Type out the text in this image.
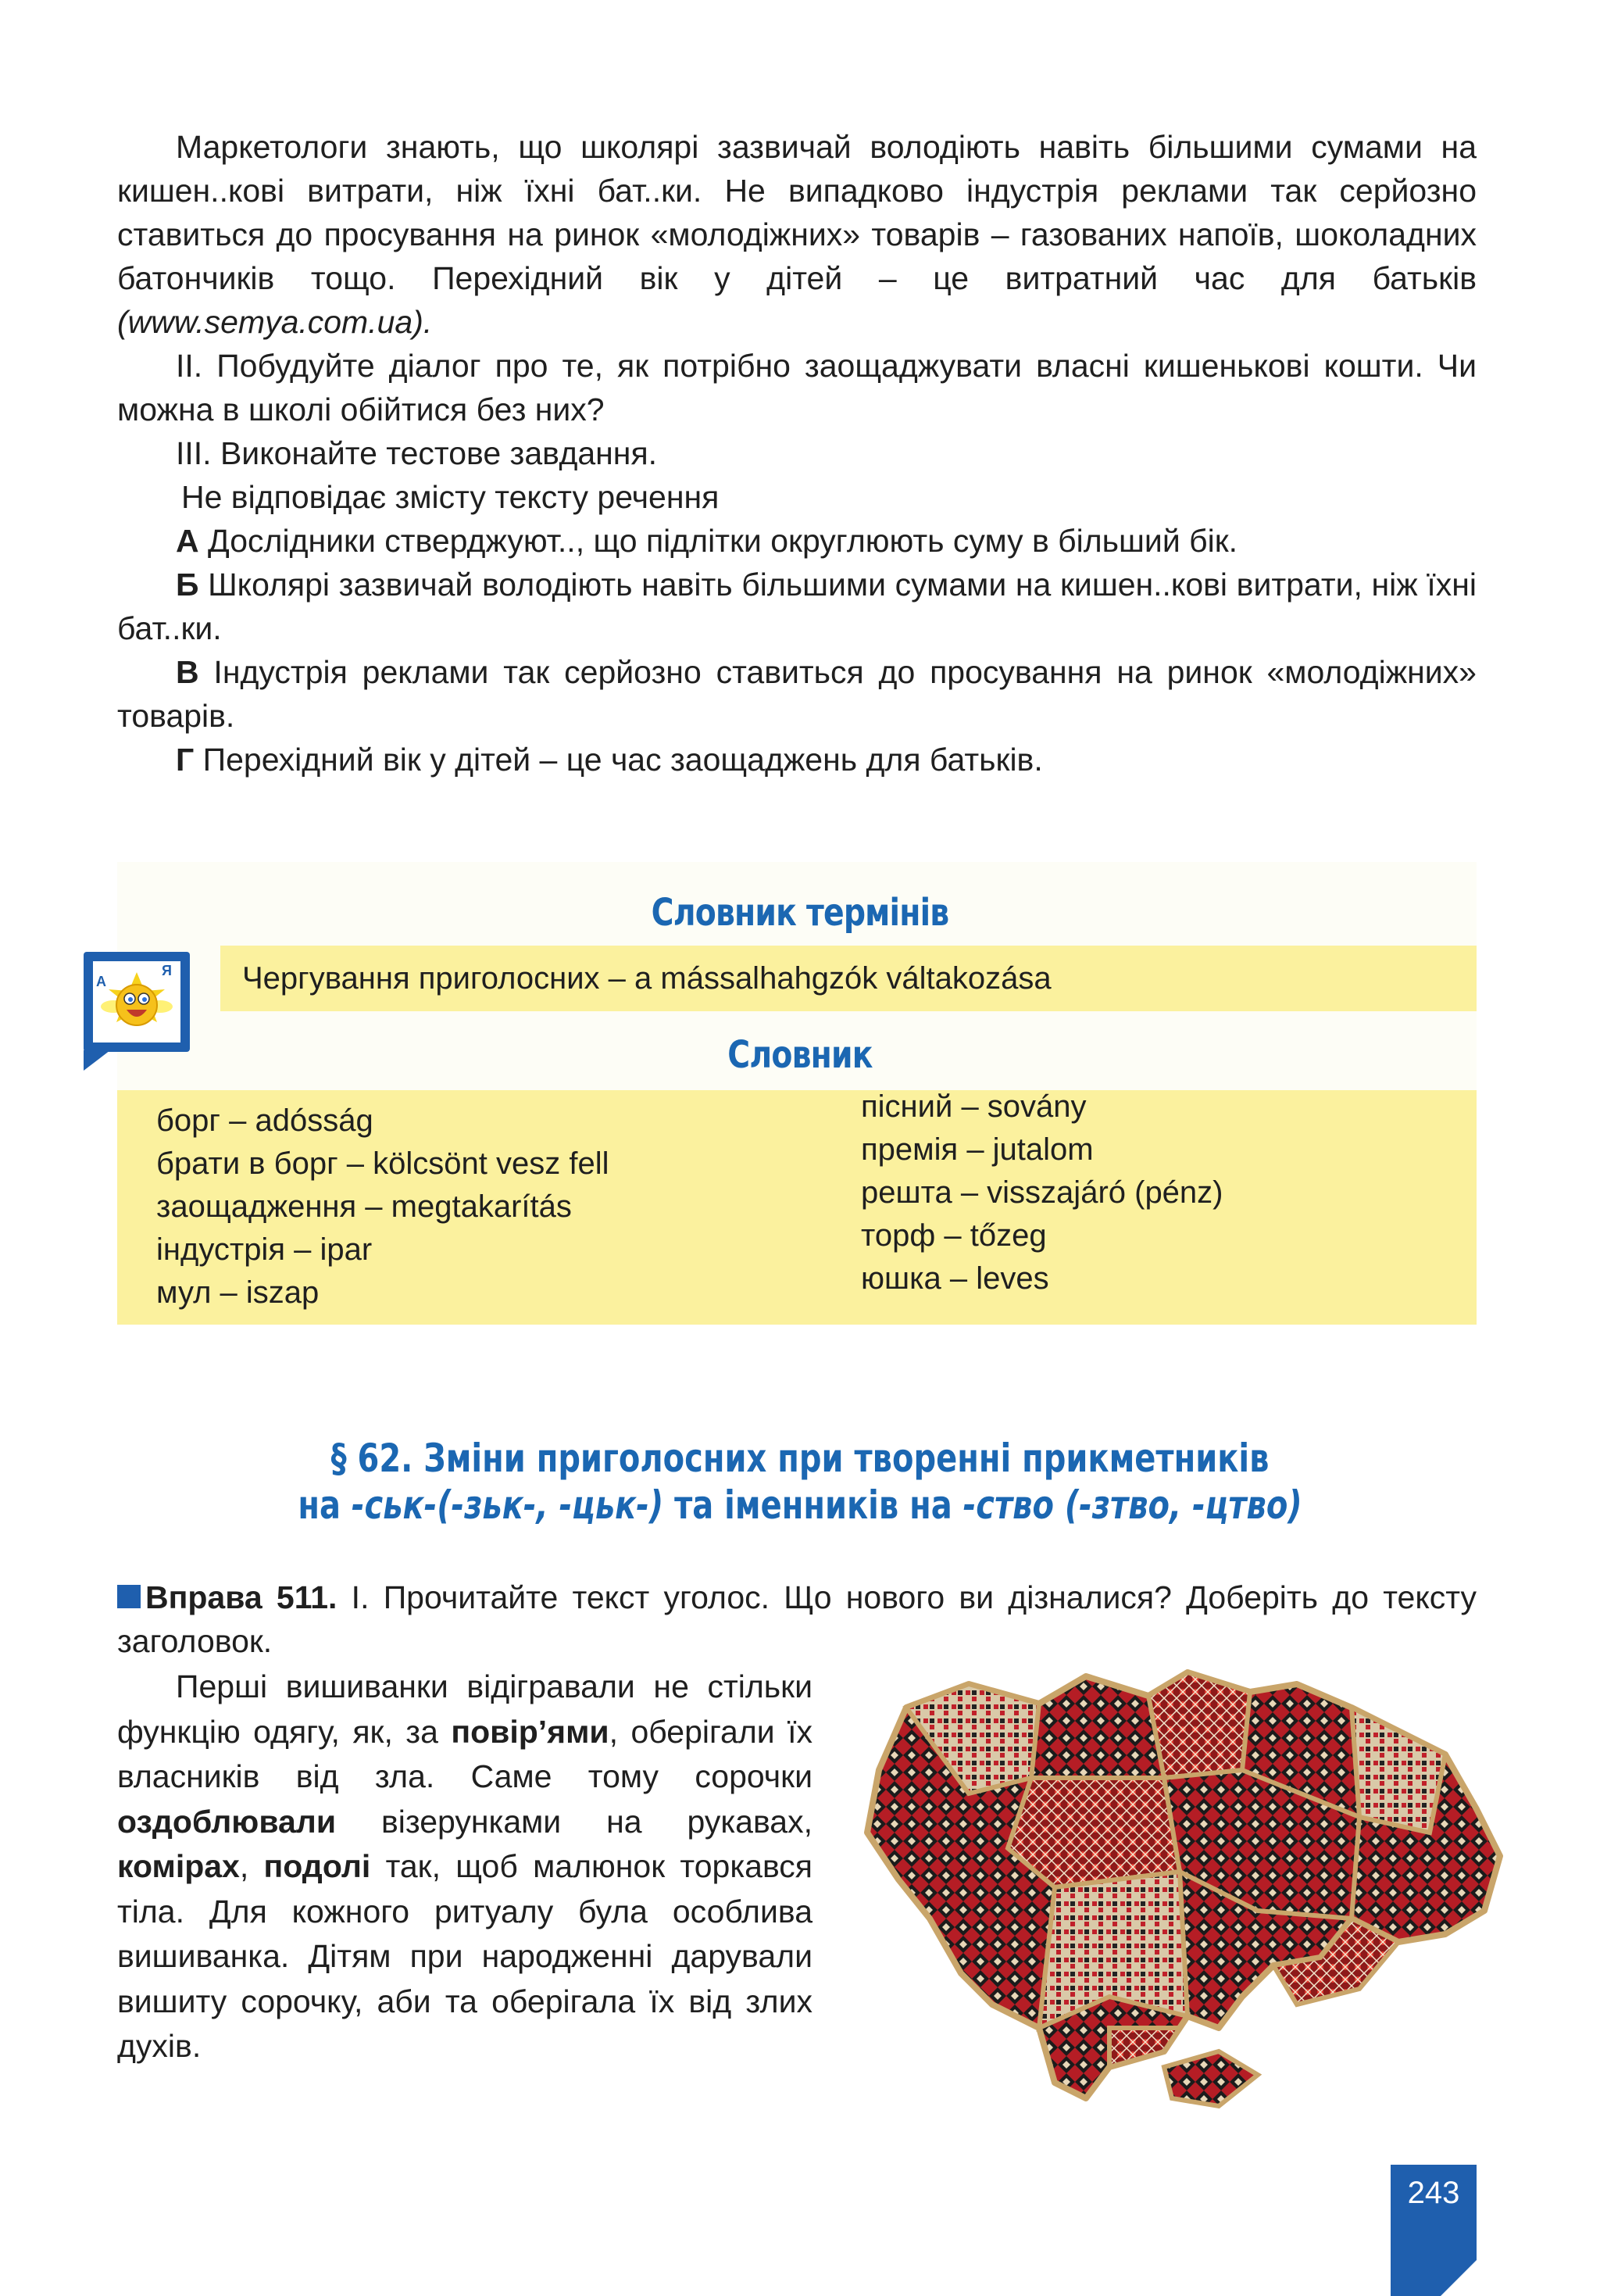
Маркетологи знають, що школярі зазвичай володіють навіть більшими сумами на кишен..кові витрати, ніж їхні бат..ки. Не випадково індустрія реклами так серйозно ставиться до просування на ринок «молодіжних» товарів – газованих напоїв, шоколадних батончиків тощо. Перехідний вік у дітей – це витратний час для батьків (www.semya.com.ua).

ІІ. Побудуйте діалог про те, як потрібно заощаджувати власні кишенькові кошти. Чи можна в школі обійтися без них?

ІІІ. Виконайте тестове завдання.

Не відповідає змісту тексту речення

А Дослідники стверджуют.., що підлітки округлюють суму в більший бік.

Б Школярі зазвичай володіють навіть більшими сумами на кишен..кові витрати, ніж їхні бат..ки.

В Індустрія реклами так серйозно ставиться до просування на ринок «молодіжних» товарів.

Г Перехідний вік у дітей – це час заощаджень для батьків.

Словник термінів
А
Я	Чергування приголосних – a mássalhahgzók váltakozása
Словник
борг – adósság
брати в борг – kölcsönt vesz fell
заощадження – megtakarítás
індустрія – ipar
мул – iszap
пісний – sovány
премія – jutalom
решта – visszajáró (pénz)
торф – tőzeg
юшка – leves
§ 62. Зміни приголосних при творенні прикметників
на -ськ-(-зьк-, -цьк-) та іменників на -ство (-зтво, -цтво)

Вправа 511. І. Прочитайте текст уголос. Що нового ви дізналися? Доберіть до тексту заголовок.

Перші вишиванки відігравали не стільки функцію одягу, як, за повір’ями, оберігали їх власників від зла. Саме тому сорочки оздоблювали візерунками на рукавах, комірах, подолі так, щоб малюнок торкався тіла. Для кожного ритуалу була особлива вишиванка. Дітям при народженні дарували вишиту сорочку, аби та оберігала їх від злих духів.

243
